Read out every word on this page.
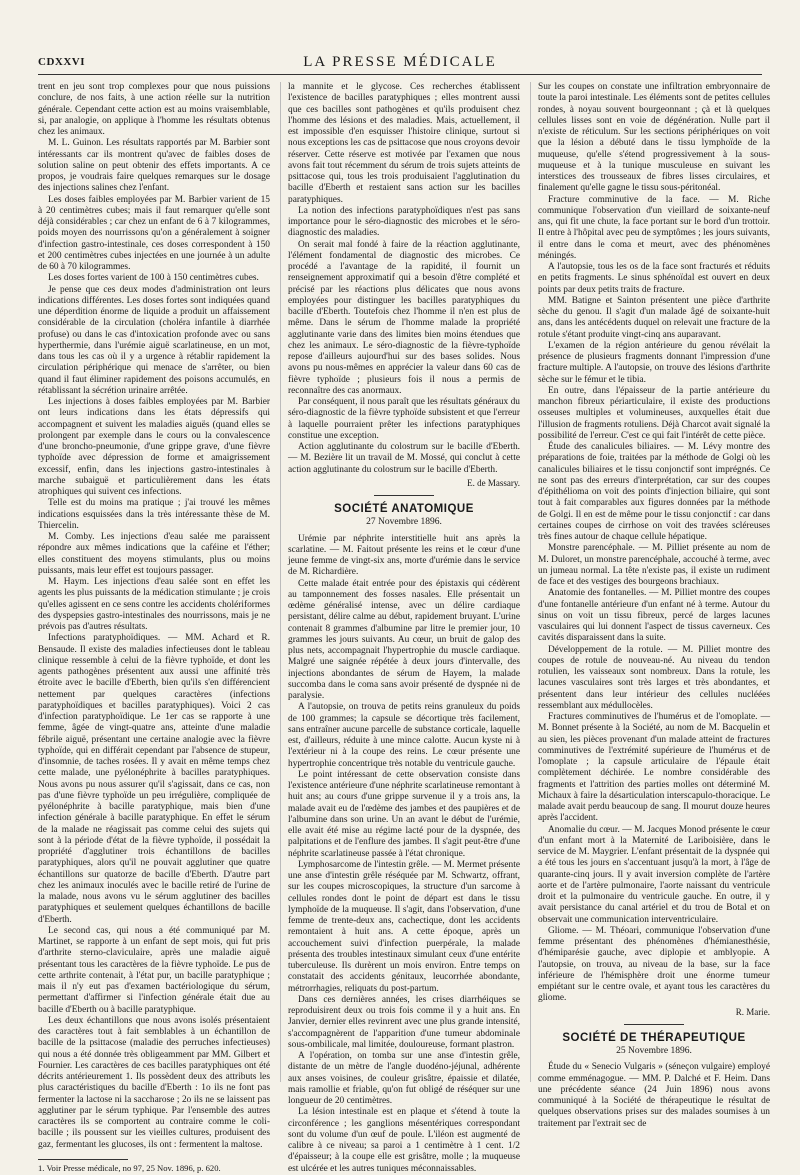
CDXXVI	LA PRESSE MÉDICALE

trent en jeu sont trop complexes pour que nous puissions conclure, de nos faits, à une action réelle sur la nutrition générale. Cependant cette action est au moins vraisemblable, si, par analogie, on applique à l'homme les résultats obtenus chez les animaux.

M. L. Guinon. Les résultats rapportés par M. Barbier sont intéressants car ils montrent qu'avec de faibles doses de solution saline on peut obtenir des effets importants. A ce propos, je voudrais faire quelques remarques sur le dosage des injections salines chez l'enfant.

Les doses faibles employées par M. Barbier varient de 15 à 20 centimètres cubes; mais il faut remarquer qu'elle sont déjà considérables ; car chez un enfant de 6 à 7 kilogrammes, poids moyen des nourrissons qu'on a généralement à soigner d'infection gastro-intestinale, ces doses correspondent à 150 et 200 centimètres cubes injectées en une journée à un adulte de 60 à 70 kilogrammes.

Les doses fortes varient de 100 à 150 centimètres cubes.

Je pense que ces deux modes d'administration ont leurs indications différentes. Les doses fortes sont indiquées quand une déperdition énorme de liquide a produit un affaissement considérable de la circulation (choléra infantile à diarrhée profuse) ou dans le cas d'intoxication profonde avec ou sans hyperthermie, dans l'urémie aiguë scarlatineuse, en un mot, dans tous les cas où il y a urgence à rétablir rapidement la circulation périphérique qui menace de s'arrêter, ou bien quand il faut éliminer rapidement des poisons accumulés, en rétablissant la sécrétion urinaire arrêtée.

Les injections à doses faibles employées par M. Barbier ont leurs indications dans les états dépressifs qui accompagnent et suivent les maladies aiguës (quand elles se prolongent par exemple dans le cours ou la convalescence d'une broncho-pneumonie, d'une grippe grave, d'une fièvre typhoïde avec dépression de forme et amaigrissement excessif, enfin, dans les injections gastro-intestinales à marche subaiguë et particulièrement dans les états atrophiques qui suivent ces infections.

Telle est du moins ma pratique ; j'ai trouvé les mêmes indications esquissées dans la très intéressante thèse de M. Thiercelin.

M. Comby. Les injections d'eau salée me paraissent répondre aux mêmes indications que la caféine et l'éther; elles constituent des moyens stimulants, plus ou moins puissants, mais leur effet est toujours passager.

M. Haym. Les injections d'eau salée sont en effet les agents les plus puissants de la médication stimulante ; je crois qu'elles agissent en ce sens contre les accidents cholériformes des dyspepsies gastro-intestinales des nourrissons, mais je ne prévois pas d'autres résultats.

Infections paratyphoïdiques. — MM. Achard et R. Bensaude. Il existe des maladies infectieuses dont le tableau clinique ressemble à celui de la fièvre typhoïde, et dont les agents pathogènes présentent aux aussi une affinité très étroite avec le bacille d'Eberth, bien qu'ils s'en différencient nettement par quelques caractères (infections paratyphoïdiques et bacilles paratyphiques). Voici 2 cas d'infection paratyphoïdique. Le 1er cas se rapporte à une femme, âgée de vingt-quatre ans, atteinte d'une maladie fébrile aiguë, présentant une certaine analogie avec la fièvre typhoïde, qui en différait cependant par l'absence de stupeur, d'insomnie, de taches rosées. Il y avait en même temps chez cette malade, une pyélonéphrite à bacilles paratyphiques. Nous avons pu nous assurer qu'il s'agissait, dans ce cas, non pas d'une fièvre typhoïde un peu irrégulière, compliquée de pyélonéphrite à bacille paratyphique, mais bien d'une infection générale à bacille paratyphique. En effet le sérum de la malade ne réagissait pas comme celui des sujets qui sont à la période d'état de la fièvre typhoïde, il possédait la propriété d'agglutiner trois échantillons de bacilles paratyphiques, alors qu'il ne pouvait agglutiner que quatre échantillons sur quatorze de bacille d'Eberth. D'autre part chez les animaux inoculés avec le bacille retiré de l'urine de la malade, nous avons vu le sérum agglutiner des bacilles paratyphiques et seulement quelques échantillons de bacille d'Eberth.

Le second cas, qui nous a été communiqué par M. Martinet, se rapporte à un enfant de sept mois, qui fut pris d'arthrite sterno-claviculaire, après une maladie aiguë présentant tous les caractères de la fièvre typhoïde. Le pus de cette arthrite contenait, à l'état pur, un bacille paratyphique ; mais il n'y eut pas d'examen bactériologique du sérum, permettant d'affirmer si l'infection générale était due au bacille d'Eberth ou à bacille paratyphique.

Les deux échantillons que nous avons isolés présentaient des caractères tout à fait semblables à un échantillon de bacille de la psittacose (maladie des perruches infectieuses) qui nous a été donnée très obligeamment par MM. Gilbert et Fournier. Les caractères de ces bacilles paratyphiques ont été décrits antérieurement 1. Ils possèdent deux des attributs les plus caractéristiques du bacille d'Eberth : 1o ils ne font pas fermenter la lactose ni la saccharose ; 2o ils ne se laissent pas agglutiner par le sérum typhique. Par l'ensemble des autres caractères ils se comportent au contraire comme le coli-bacille ; ils poussent sur les vieilles cultures, produisent des gaz, fermentant les glucoses, ils ont : fermentent la maltose.

1. Voir Presse médicale, no 97, 25 Nov. 1896, p. 620.

la mannite et le glycose. Ces recherches établissent l'existence de bacilles paratyphiques ; elles montrent aussi que ces bacilles sont pathogènes et qu'ils produisent chez l'homme des lésions et des maladies. Mais, actuellement, il est impossible d'en esquisser l'histoire clinique, surtout si nous exceptions les cas de psittacose que nous croyons devoir réserver. Cette réserve est motivée par l'examen que nous avons fait tout récemment du sérum de trois sujets atteints de psittacose qui, tous les trois produisaient l'agglutination du bacille d'Eberth et restaient sans action sur les bacilles paratyphiques.

La notion des infections paratyphoïdiques n'est pas sans importance pour le séro-diagnostic des microbes et le séro-diagnostic des maladies.

On serait mal fondé à faire de la réaction agglutinante, l'élément fondamental de diagnostic des microbes. Ce procédé a l'avantage de la rapidité, il fournit un renseignement approximatif qui a besoin d'être complété et précisé par les réactions plus délicates que nous avons employées pour distinguer les bacilles paratyphiques du bacille d'Eberth. Toutefois chez l'homme il n'en est plus de même. Dans le sérum de l'homme malade la propriété agglutinante varie dans des limites bien moins étendues que chez les animaux. Le séro-diagnostic de la fièvre-typhoïde repose d'ailleurs aujourd'hui sur des bases solides. Nous avons pu nous-mêmes en apprécier la valeur dans 60 cas de fièvre typhoïde ; plusieurs fois il nous a permis de reconnaître des cas anormaux.

Par conséquent, il nous paraît que les résultats généraux du séro-diagnostic de la fièvre typhoïde subsistent et que l'erreur à laquelle pourraient prêter les infections paratyphiques constitue une exception.

Action agglutinante du colostrum sur le bacille d'Eberth. — M. Bezière lit un travail de M. Mossé, qui conclut à cette action agglutinante du colostrum sur le bacille d'Eberth.

E. de Massary.
SOCIÉTÉ ANATOMIQUE
27 Novembre 1896.

Urémie par néphrite interstitielle huit ans après la scarlatine. — M. Faitout présente les reins et le cœur d'une jeune femme de vingt-six ans, morte d'urémie dans le service de M. Richardière.

Cette malade était entrée pour des épistaxis qui cédèrent au tamponnement des fosses nasales. Elle présentait un œdème généralisé intense, avec un délire cardiaque persistant, délire calme au début, rapidement bruyant. L'urine contenait 8 grammes d'albumine par litre le premier jour, 10 grammes les jours suivants. Au cœur, un bruit de galop des plus nets, accompagnait l'hypertrophie du muscle cardiaque. Malgré une saignée répétée à deux jours d'intervalle, des injections abondantes de sérum de Hayem, la malade succomba dans le coma sans avoir présenté de dyspnée ni de paralysie.

A l'autopsie, on trouva de petits reins granuleux du poids de 100 grammes; la capsule se décortique très facilement, sans entraîner aucune parcelle de substance corticale, laquelle est, d'ailleurs, réduite à une mince calotte. Aucun kyste ni à l'extérieur ni à la coupe des reins. Le cœur présente une hypertrophie concentrique très notable du ventricule gauche.

Le point intéressant de cette observation consiste dans l'existence antérieure d'une néphrite scarlatineuse remontant à huit ans; au cours d'une grippe survenue il y a trois ans, la malade avait eu de l'œdème des jambes et des paupières et de l'albumine dans son urine. Un an avant le début de l'urémie, elle avait été mise au régime lacté pour de la dyspnée, des palpitations et de l'enflure des jambes. Il s'agit peut-être d'une néphrite scarlatineuse passée à l'état chronique.

Lymphosarcome de l'intestin grêle. — M. Mermet présente une anse d'intestin grêle réséquée par M. Schwartz, offrant, sur les coupes microscopiques, la structure d'un sarcome à cellules rondes dont le point de départ est dans le tissu lymphoïde de la muqueuse. Il s'agit, dans l'observation, d'une femme de trente-deux ans, cachectique, dont les accidents remontaient à huit ans. A cette époque, après un accouchement suivi d'infection puerpérale, la malade présenta des troubles intestinaux simulant ceux d'une entérite tuberculeuse. Ils durèrent un mois environ. Entre temps on constatait des accidents génitaux, leucorrhée abondante, métrorrhagies, reliquats du post-partum.

Dans ces dernières années, les crises diarrhéiques se reproduisirent deux ou trois fois comme il y a huit ans. En Janvier, dernier elles revinrent avec une plus grande intensité, s'accompagnèrent de l'apparition d'une tumeur abdominale sous-ombilicale, mal limitée, douloureuse, formant plastron.

A l'opération, on tomba sur une anse d'intestin grêle, distante de un mètre de l'angle duodéno-jéjunal, adhérente aux anses voisines, de couleur grisâtre, épaissie et dilatée, mais ramollie et friable, qu'on fut obligé de réséquer sur une longueur de 20 centimètres.

La lésion intestinale est en plaque et s'étend à toute la circonférence ; les ganglions mésentériques correspondant sont du volume d'un œuf de poule. L'iléon est augmenté de calibre à ce niveau; sa paroi a 1 centimètre à 1 cent. 1/2 d'épaisseur; à la coupe elle est grisâtre, molle ; la muqueuse est ulcérée et les autres tuniques méconnaissables.

Sur les coupes on constate une infiltration embryonnaire de toute la paroi intestinale. Les éléments sont de petites cellules rondes, à noyau souvent bourgeonnant ; çà et là quelques cellules lisses sont en voie de dégénération. Nulle part il n'existe de réticulum. Sur les sections périphériques on voit que la lésion a débuté dans le tissu lymphoïde de la muqueuse, qu'elle s'étend progressivement à la sous-muqueuse et à la tunique musculeuse en suivant les interstices des trousseaux de fibres lisses circulaires, et finalement qu'elle gagne le tissu sous-péritonéal.

Fracture comminutive de la face. — M. Riche communique l'observation d'un vieillard de soixante-neuf ans, qui fit une chute, la face portant sur le bord d'un trottoir. Il entre à l'hôpital avec peu de symptômes ; les jours suivants, il entre dans le coma et meurt, avec des phénomènes méningés.

A l'autopsie, tous les os de la face sont fracturés et réduits en petits fragments. Le sinus sphénoïdal est ouvert en deux points par deux petits traits de fracture.

MM. Batigne et Sainton présentent une pièce d'arthrite sèche du genou. Il s'agit d'un malade âgé de soixante-huit ans, dans les antécédents duquel on relevait une fracture de la rotule s'étant produite vingt-cinq ans auparavant.

L'examen de la région antérieure du genou révélait la présence de plusieurs fragments donnant l'impression d'une fracture multiple. A l'autopsie, on trouve des lésions d'arthrite sèche sur le fémur et le tibia.

En outre, dans l'épaisseur de la partie antérieure du manchon fibreux périarticulaire, il existe des productions osseuses multiples et volumineuses, auxquelles était due l'illusion de fragments rotuliens. Déjà Charcot avait signalé la possibilité de l'erreur. C'est ce qui fait l'intérêt de cette pièce.

Étude des canalicules biliaires. — M. Lévy montre des préparations de foie, traitées par la méthode de Golgi où les canalicules biliaires et le tissu conjonctif sont imprégnés. Ce ne sont pas des erreurs d'interprétation, car sur des coupes d'épithélioma on voit des points d'injection biliaire, qui sont tout à fait comparables aux figures données par la méthode de Golgi. Il en est de même pour le tissu conjonctif : car dans certaines coupes de cirrhose on voit des travées scléreuses très fines autour de chaque cellule hépatique.

Monstre parencéphale. — M. Pilliet présente au nom de M. Duloret, un monstre parencéphale, accouché à terme, avec un jumeau normal. La tête n'existe pas, il existe un rudiment de face et des vestiges des bourgeons brachiaux.

Anatomie des fontanelles. — M. Pilliet montre des coupes d'une fontanelle antérieure d'un enfant né à terme. Autour du sinus on voit un tissu fibreux, percé de larges lacunes vasculaires qui lui donnent l'aspect de tissus caverneux. Ces cavités disparaissent dans la suite.

Développement de la rotule. — M. Pilliet montre des coupes de rotule de nouveau-né. Au niveau du tendon rotulien, les vaisseaux sont nombreux. Dans la rotule, les lacunes vasculaires sont très larges et très abondantes, et présentent dans leur intérieur des cellules nucléées ressemblant aux médullocèles.

Fractures comminutives de l'humérus et de l'omoplate. — M. Bonnet présente à la Société, au nom de M. Bacquelin et au sien, les pièces provenant d'un malade atteint de fractures comminutives de l'extrémité supérieure de l'humérus et de l'omoplate ; la capsule articulaire de l'épaule était complètement déchirée. Le nombre considérable des fragments et l'attrition des parties molles ont déterminé M. Michaux à faire la désarticulation interscapulo-thoracique. Le malade avait perdu beaucoup de sang. Il mourut douze heures après l'accident.

Anomalie du cœur. — M. Jacques Monod présente le cœur d'un enfant mort à la Maternité de Lariboisière, dans le service de M. Maygrier. L'enfant présentait de la dyspnée qui a été tous les jours en s'accentuant jusqu'à la mort, à l'âge de quarante-cinq jours. Il y avait inversion complète de l'artère aorte et de l'artère pulmonaire, l'aorte naissant du ventricule droit et la pulmonaire du ventricule gauche. En outre, il y avait persistance du canal artériel et du trou de Botal et on observait une communication interventriculaire.

Gliome. — M. Théoari, communique l'observation d'une femme présentant des phénomènes d'hémianesthésie, d'hémiparésie gauche, avec diplopie et amblyopie. A l'autopsie, on trouva, au niveau de la base, sur la face inférieure de l'hémisphère droit une énorme tumeur empiétant sur le centre ovale, et ayant tous les caractères du gliome.

R. Marie.
SOCIÉTÉ DE THÉRAPEUTIQUE
25 Novembre 1896.

Étude du « Senecio Vulgaris » (séneçon vulgaire) employé comme emménagogue. — MM. P. Dalché et F. Heim. Dans une précédente séance (24 Juin 1896) nous avons communiqué à la Société de thérapeutique le résultat de quelques observations prises sur des malades soumises à un traitement par l'extrait sec de
